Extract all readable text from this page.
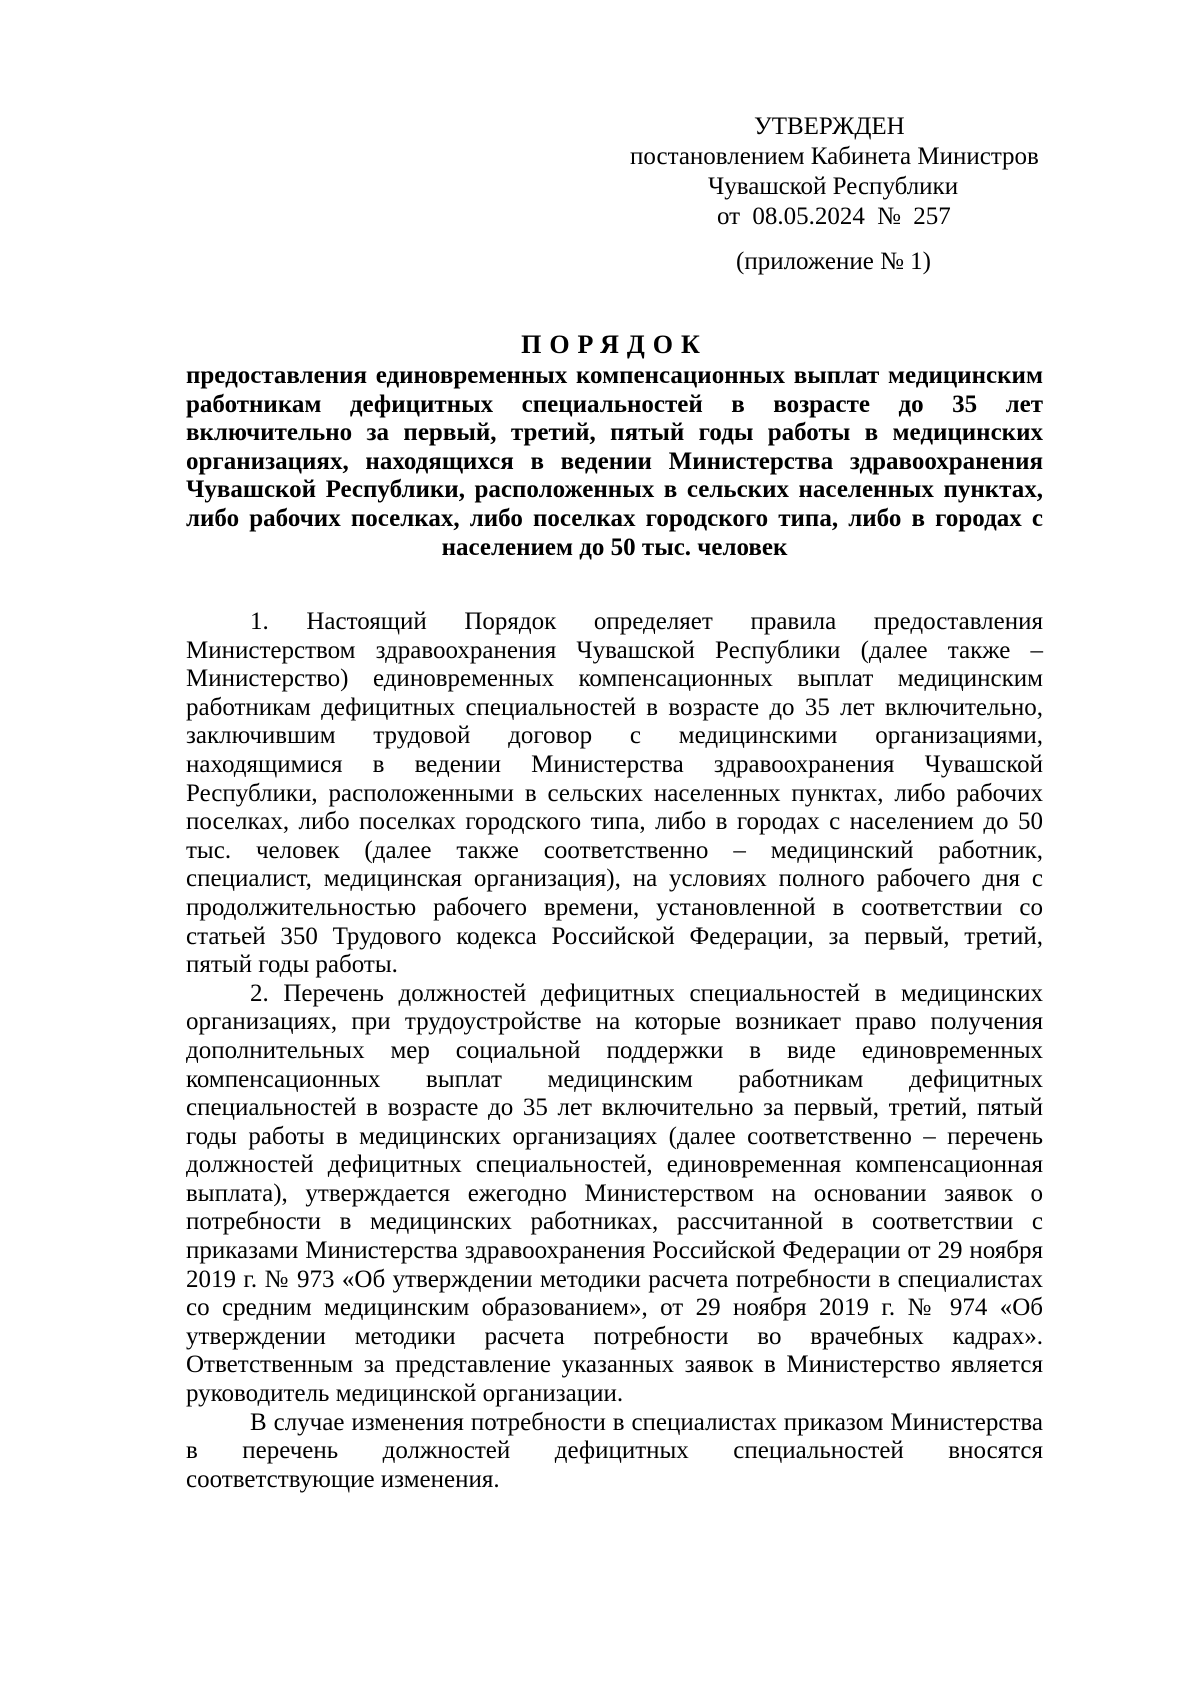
УТВЕРЖДЕН
постановлением Кабинета Министров
Чувашской Республики
от 08.05.2024 № 257
(приложение № 1)
ПОРЯДОК
предоставления единовременных компенсационных выплат медицинским работникам дефицитных специальностей в возрасте до 35 лет включительно за первый, третий, пятый годы работы в медицинских организациях, находящихся в ведении Министерства здравоохранения Чувашской Республики, расположенных в сельских населенных пунктах, либо рабочих поселках, либо поселках городского типа, либо в городах с населением до 50 тыс. человек

1. Настоящий Порядок определяет правила предоставления Министерством здравоохранения Чувашской Республики (далее также – Министерство) единовременных компенсационных выплат медицинским работникам дефицитных специальностей в возрасте до 35 лет включительно, заключившим трудовой договор с медицинскими организациями, находящимися в ведении Министерства здравоохранения Чувашской Республики, расположенными в сельских населенных пунктах, либо рабочих поселках, либо поселках городского типа, либо в городах с населением до 50 тыс. человек (далее также соответственно – медицинский работник, специалист, медицинская организация), на условиях полного рабочего дня с продолжительностью рабочего времени, установленной в соответствии со статьей 350 Трудового кодекса Российской Федерации, за первый, третий, пятый годы работы.

2. Перечень должностей дефицитных специальностей в медицинских организациях, при трудоустройстве на которые возникает право получения дополнительных мер социальной поддержки в виде единовременных компенсационных выплат медицинским работникам дефицитных специальностей в возрасте до 35 лет включительно за первый, третий, пятый годы работы в медицинских организациях (далее соответственно – перечень должностей дефицитных специальностей, единовременная компенсационная выплата), утверждается ежегодно Министерством на основании заявок о потребности в медицинских работниках, рассчитанной в соответствии с приказами Министерства здравоохранения Российской Федерации от 29 ноября 2019 г. № 973 «Об утверждении методики расчета потребности в специалистах со средним медицинским образованием», от 29 ноября 2019 г. № 974 «Об утверждении методики расчета потребности во врачебных кадрах». Ответственным за представление указанных заявок в Министерство является руководитель медицинской организации.

В случае изменения потребности в специалистах приказом Министерства в перечень должностей дефицитных специальностей вносятся соответствующие изменения.
